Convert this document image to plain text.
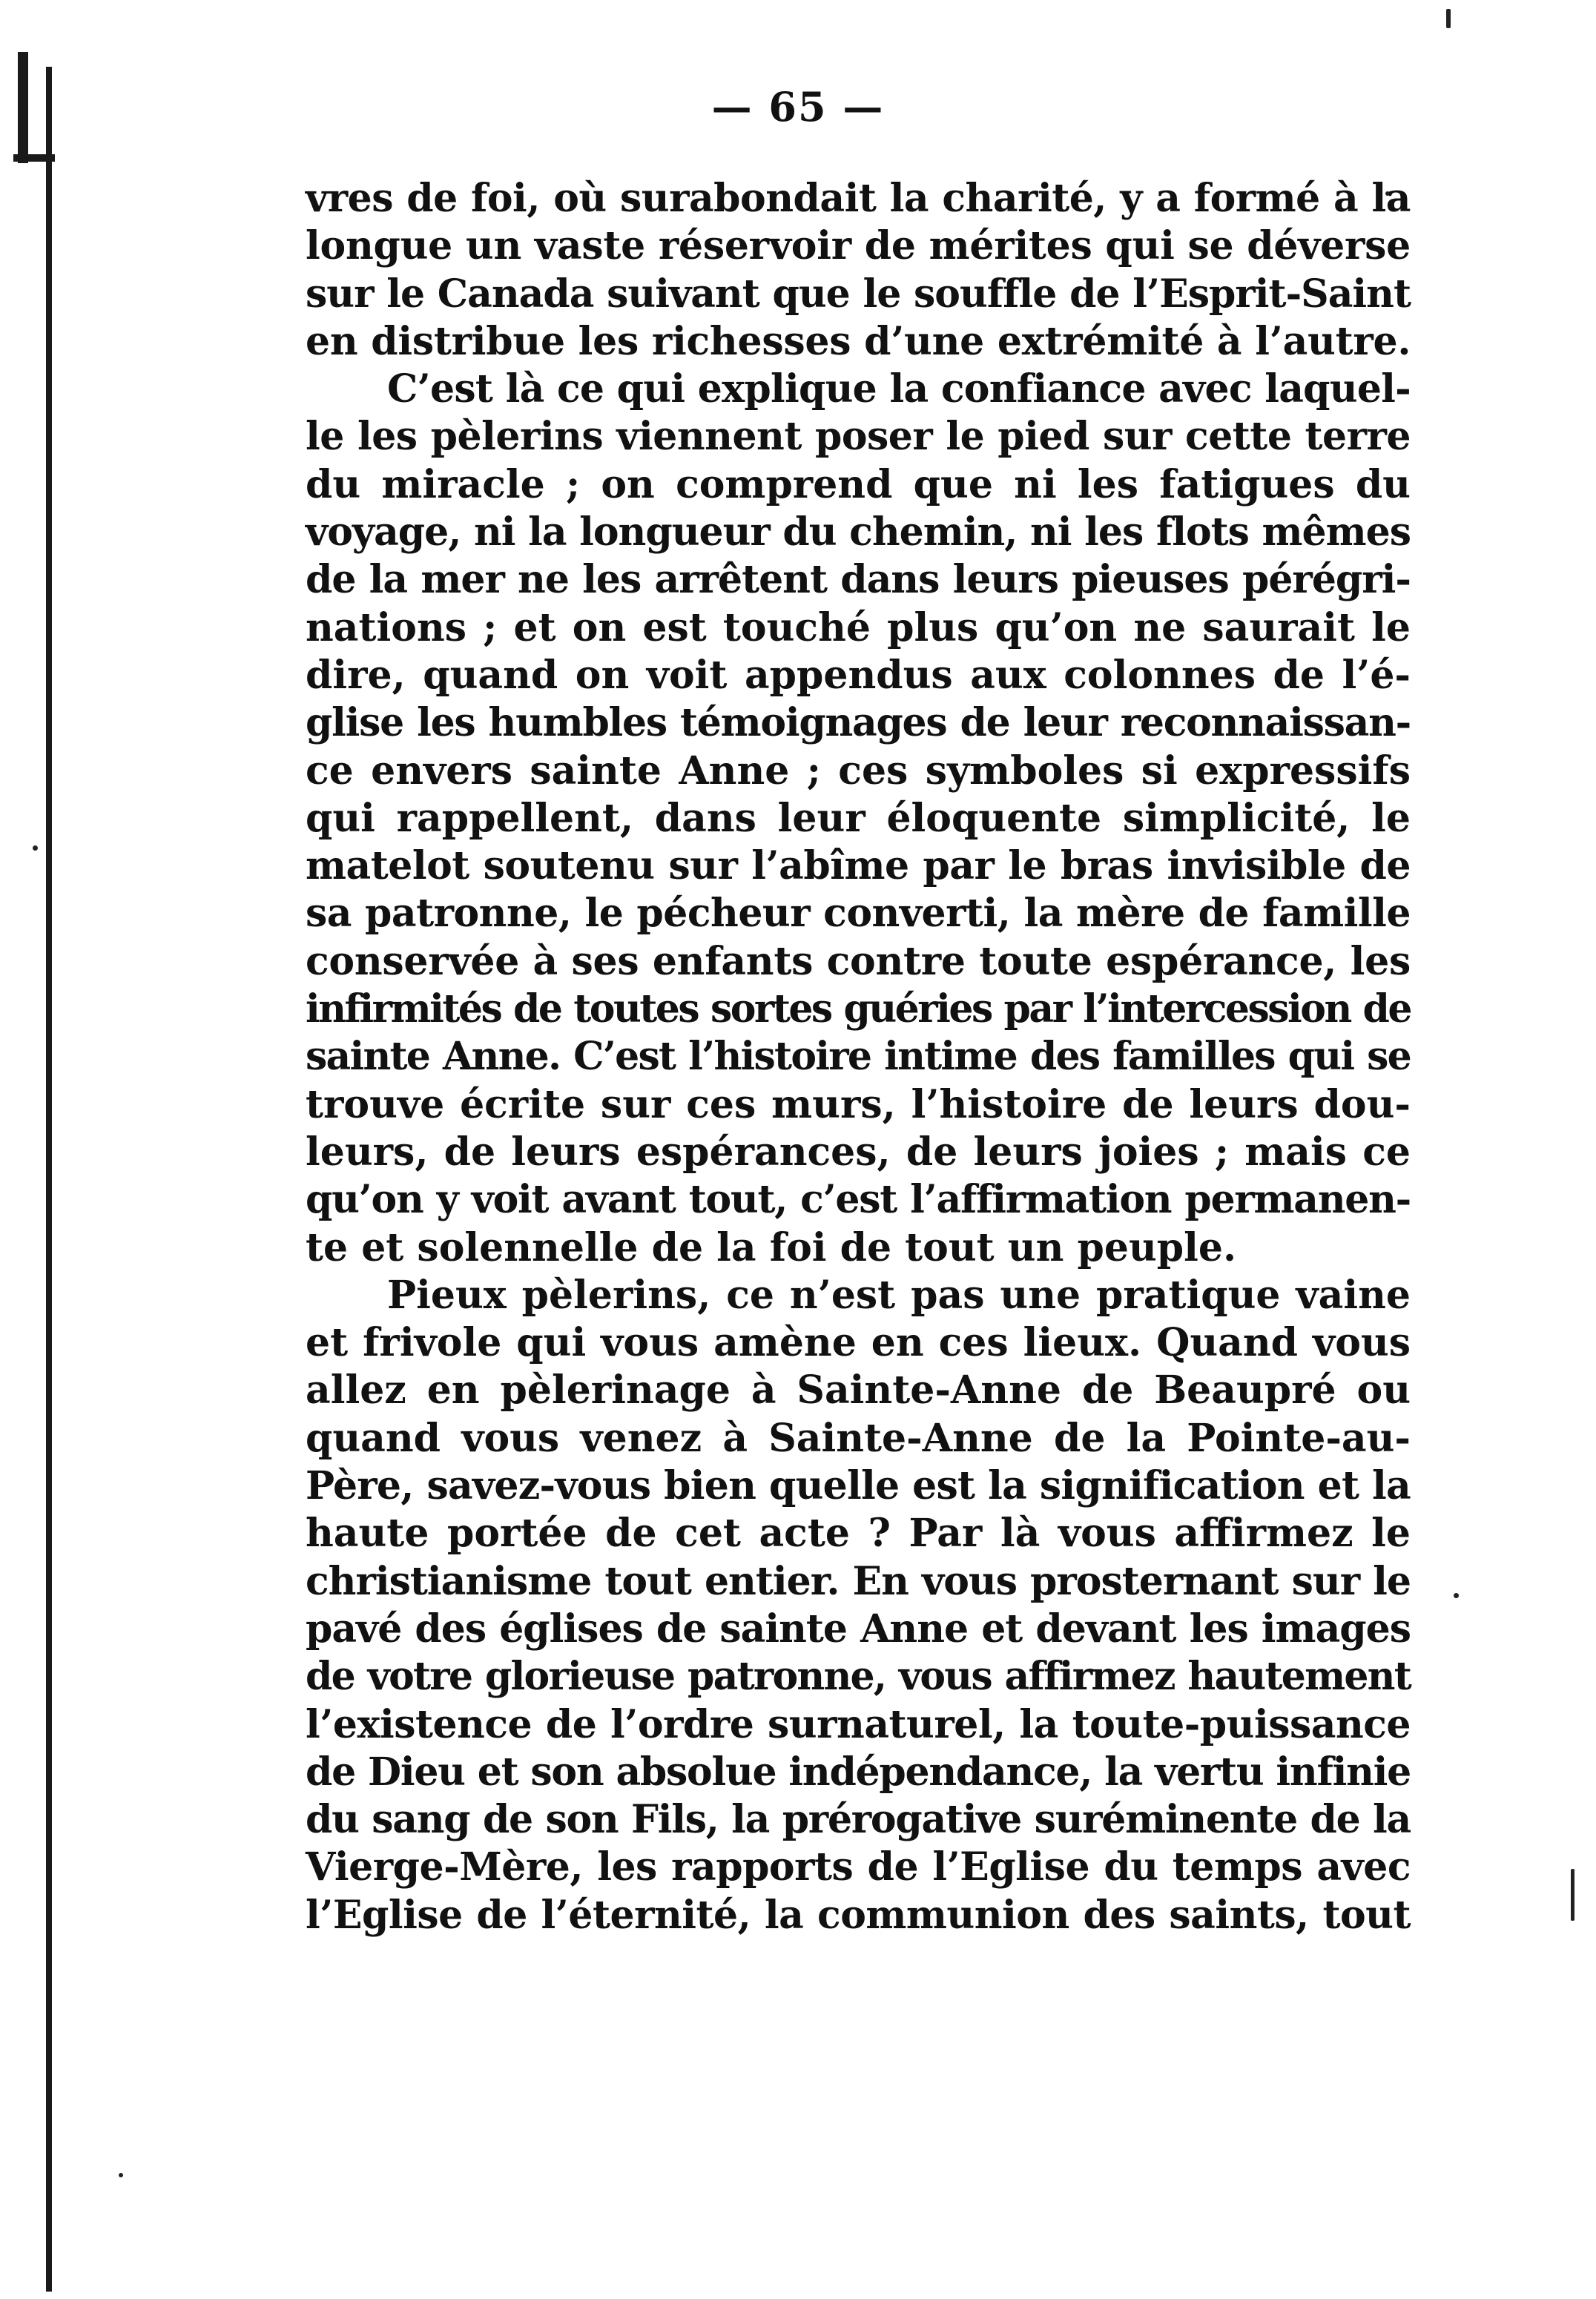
— 65 —
vres de foi, où surabondait la charité, y a formé à la
longue un vaste réservoir de mérites qui se déverse
sur le Canada suivant que le souffle de l’Esprit-Saint
en distribue les richesses d’une extrémité à l’autre.
C’est là ce qui explique la confiance avec laquel-
le les pèlerins viennent poser le pied sur cette terre
du miracle ; on comprend que ni les fatigues du
voyage, ni la longueur du chemin, ni les flots mêmes
de la mer ne les arrêtent dans leurs pieuses pérégri-
nations ; et on est touché plus qu’on ne saurait le
dire, quand on voit appendus aux colonnes de l’é-
glise les humbles témoignages de leur reconnaissan-
ce envers sainte Anne ; ces symboles si expressifs
qui rappellent, dans leur éloquente simplicité, le
matelot soutenu sur l’abîme par le bras invisible de
sa patronne, le pécheur converti, la mère de famille
conservée à ses enfants contre toute espérance, les
infirmités de toutes sortes guéries par l’intercession de
sainte Anne. C’est l’histoire intime des familles qui se
trouve écrite sur ces murs, l’histoire de leurs dou-
leurs, de leurs espérances, de leurs joies ; mais ce
qu’on y voit avant tout, c’est l’affirmation permanen-
te et solennelle de la foi de tout un peuple.
Pieux pèlerins, ce n’est pas une pratique vaine
et frivole qui vous amène en ces lieux. Quand vous
allez en pèlerinage à Sainte-Anne de Beaupré ou
quand vous venez à Sainte-Anne de la Pointe-au-
Père, savez-vous bien quelle est la signification et la
haute portée de cet acte ? Par là vous affirmez le
christianisme tout entier. En vous prosternant sur le
pavé des églises de sainte Anne et devant les images
de votre glorieuse patronne, vous affirmez hautement
l’existence de l’ordre surnaturel, la toute-puissance
de Dieu et son absolue indépendance, la vertu infinie
du sang de son Fils, la prérogative suréminente de la
Vierge-Mère, les rapports de l’Eglise du temps avec
l’Eglise de l’éternité, la communion des saints, tout
